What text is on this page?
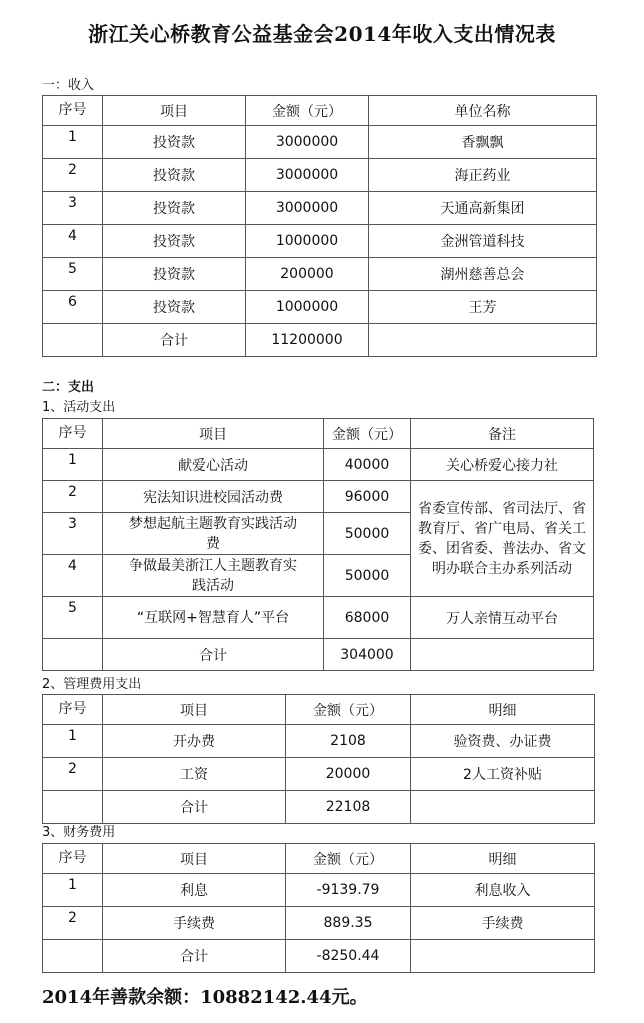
浙江关心桥教育公益基金会2014年收入支出情况表
一：收入
序号	项目	金额（元）	单位名称
1	投资款	3000000	香飘飘
2	投资款	3000000	海正药业
3	投资款	3000000	天通高新集团
4	投资款	1000000	金洲管道科技
5	投资款	200000	湖州慈善总会
6	投资款	1000000	王芳
	合计	11200000	
二：支出
1、活动支出
序号	项目	金额（元）	备注
1	献爱心活动	40000	关心桥爱心接力社
2	宪法知识进校园活动费	96000	省委宣传部、省司法厅、省教育厅、省广电局、省关工委、团省委、普法办、省文明办联合主办系列活动
3	梦想起航主题教育实践活动费	50000	
4	争做最美浙江人主题教育实践活动	50000	
5	“互联网+智慧育人”平台	68000	万人亲情互动平台
	合计	304000	
2、管理费用支出
序号	项目	金额（元）	明细
1	开办费	2108	验资费、办证费
2	工资	20000	2人工资补贴
	合计	22108	
3、财务费用
序号	项目	金额（元）	明细
1	利息	-9139.79	利息收入
2	手续费	889.35	手续费
	合计	-8250.44	
2014年善款余额：10882142.44元。
